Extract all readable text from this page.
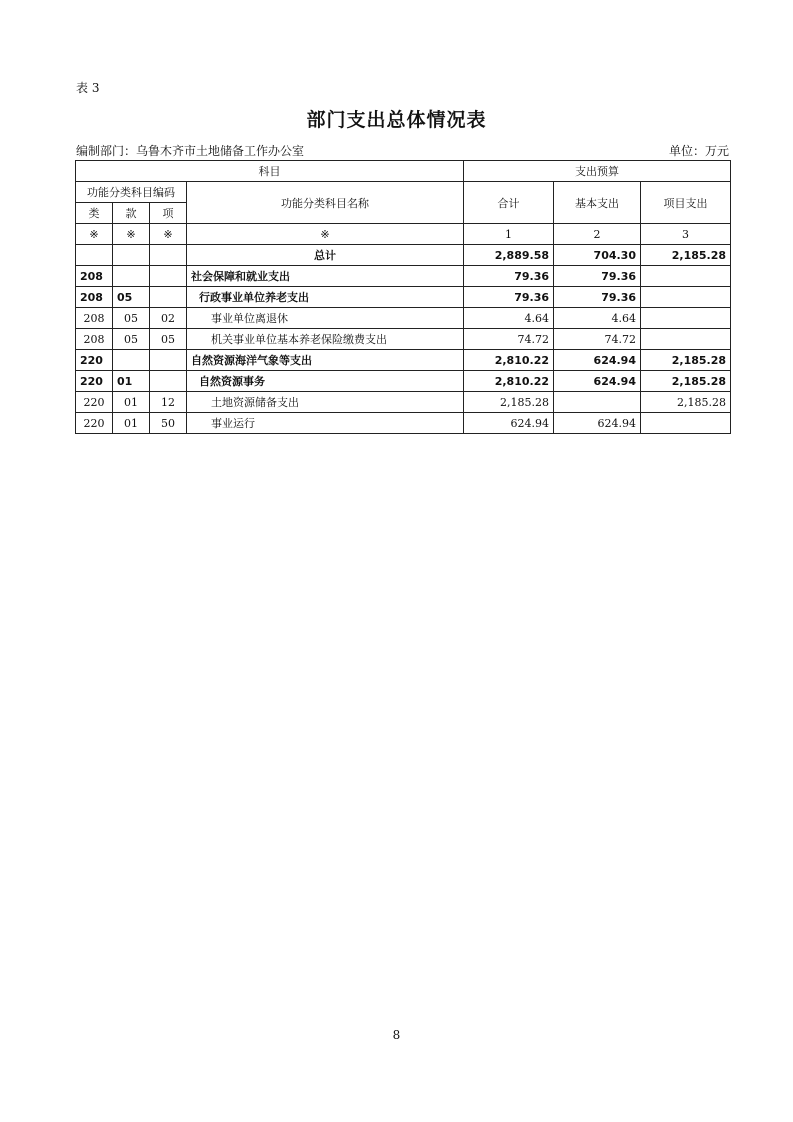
表 3
部门支出总体情况表
编制部门：乌鲁木齐市土地储备工作办公室	单位：万元
科目				支出预算		
功能分类科目编码			功能分类科目名称	合计	基本支出	项目支出
类	款	项				
※	※	※	※	1	2	3
			总计	2,889.58	704.30	2,185.28
208			社会保障和就业支出	79.36	79.36	
208	05		行政事业单位养老支出	79.36	79.36	
208	05	02	事业单位离退休	4.64	4.64	
208	05	05	机关事业单位基本养老保险缴费支出	74.72	74.72	
220			自然资源海洋气象等支出	2,810.22	624.94	2,185.28
220	01		自然资源事务	2,810.22	624.94	2,185.28
220	01	12	土地资源储备支出	2,185.28		2,185.28
220	01	50	事业运行	624.94	624.94	
8
